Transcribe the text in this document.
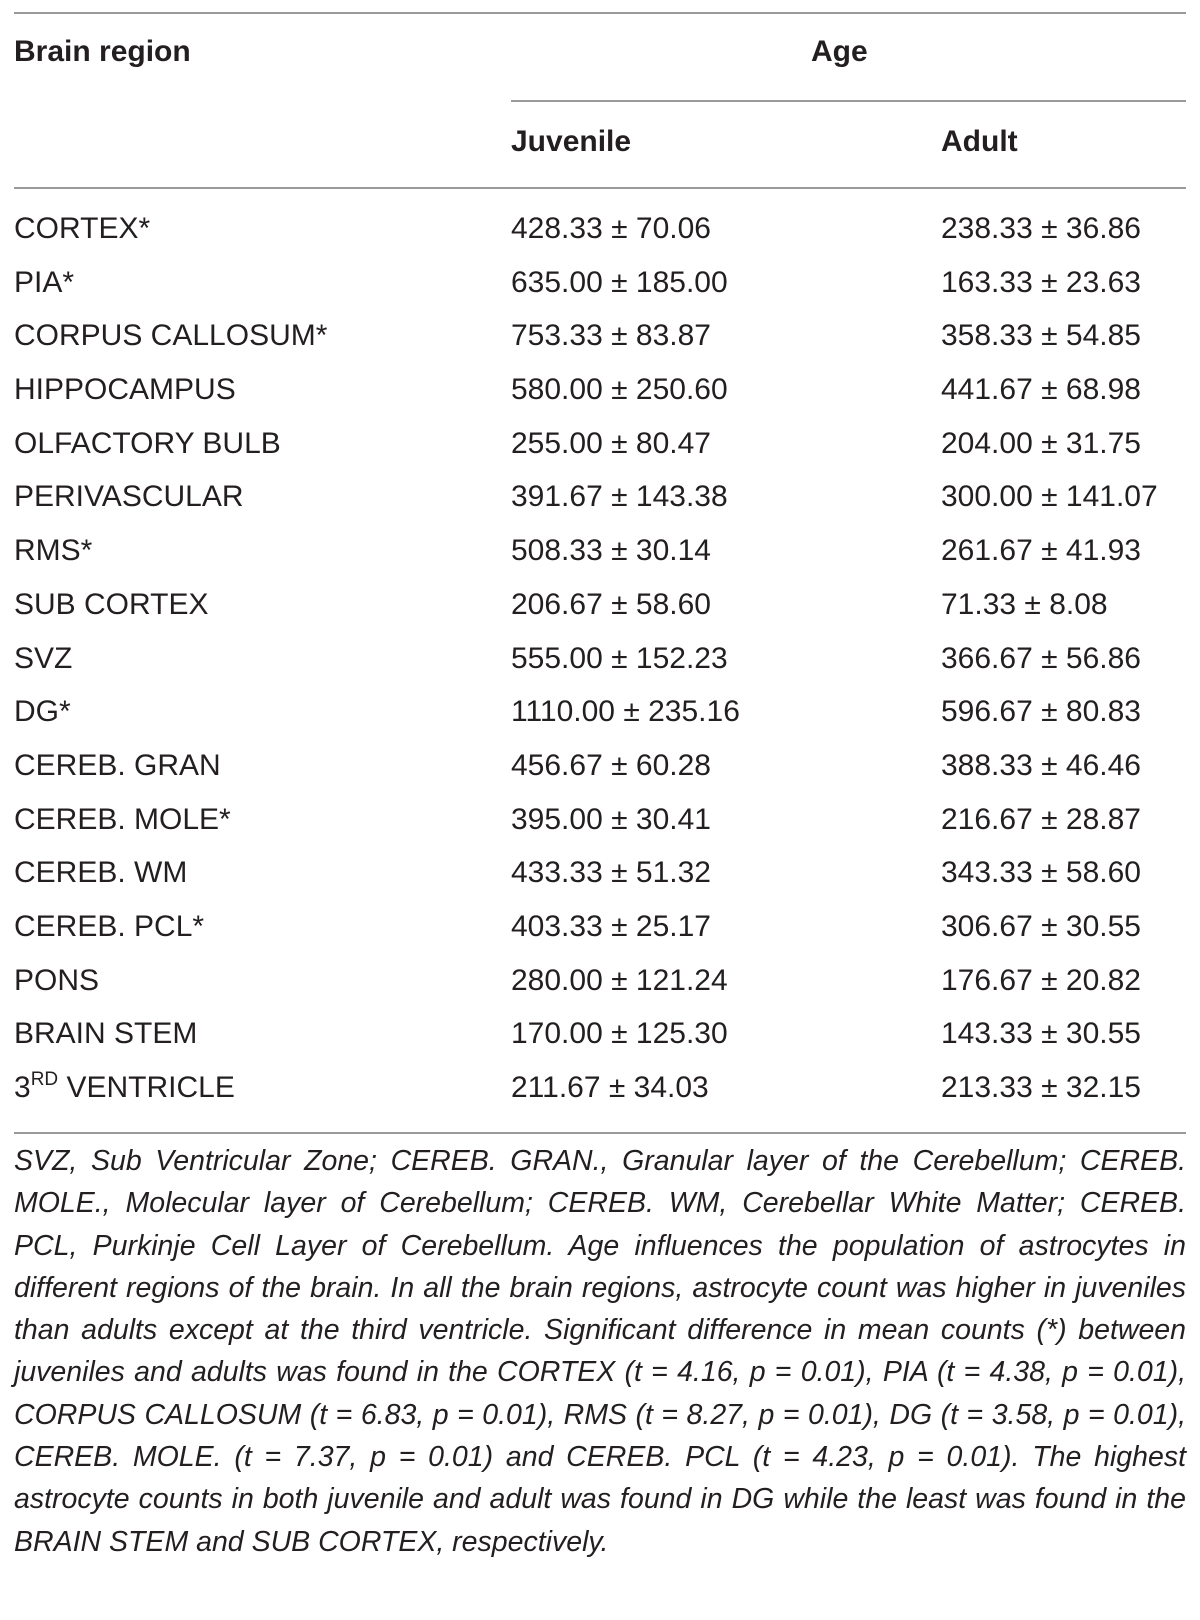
Brain region	Age
Juvenile	Adult
CORTEX*	428.33 ± 70.06	238.33 ± 36.86
PIA*	635.00 ± 185.00	163.33 ± 23.63
CORPUS CALLOSUM*	753.33 ± 83.87	358.33 ± 54.85
HIPPOCAMPUS	580.00 ± 250.60	441.67 ± 68.98
OLFACTORY BULB	255.00 ± 80.47	204.00 ± 31.75
PERIVASCULAR	391.67 ± 143.38	300.00 ± 141.07
RMS*	508.33 ± 30.14	261.67 ± 41.93
SUB CORTEX	206.67 ± 58.60	71.33 ± 8.08
SVZ	555.00 ± 152.23	366.67 ± 56.86
DG*	1110.00 ± 235.16	596.67 ± 80.83
CEREB. GRAN	456.67 ± 60.28	388.33 ± 46.46
CEREB. MOLE*	395.00 ± 30.41	216.67 ± 28.87
CEREB. WM	433.33 ± 51.32	343.33 ± 58.60
CEREB. PCL*	403.33 ± 25.17	306.67 ± 30.55
PONS	280.00 ± 121.24	176.67 ± 20.82
BRAIN STEM	170.00 ± 125.30	143.33 ± 30.55
3RD VENTRICLE	211.67 ± 34.03	213.33 ± 32.15
SVZ, Sub Ventricular Zone; CEREB. GRAN., Granular layer of the Cerebellum; CEREB. MOLE., Molecular layer of Cerebellum; CEREB. WM, Cerebellar White Matter; CEREB. PCL, Purkinje Cell Layer of Cerebellum. Age influences the population of astrocytes in different regions of the brain. In all the brain regions, astrocyte count was higher in juveniles than adults except at the third ventricle. Significant difference in mean counts (*) between juveniles and adults was found in the CORTEX (t = 4.16, p = 0.01), PIA (t = 4.38, p = 0.01), CORPUS CALLOSUM (t = 6.83, p = 0.01), RMS (t = 8.27, p = 0.01), DG (t = 3.58, p = 0.01), CEREB. MOLE. (t = 7.37, p = 0.01) and CEREB. PCL (t = 4.23, p = 0.01). The highest astrocyte counts in both juvenile and adult was found in DG while the least was found in the BRAIN STEM and SUB CORTEX, respectively.
